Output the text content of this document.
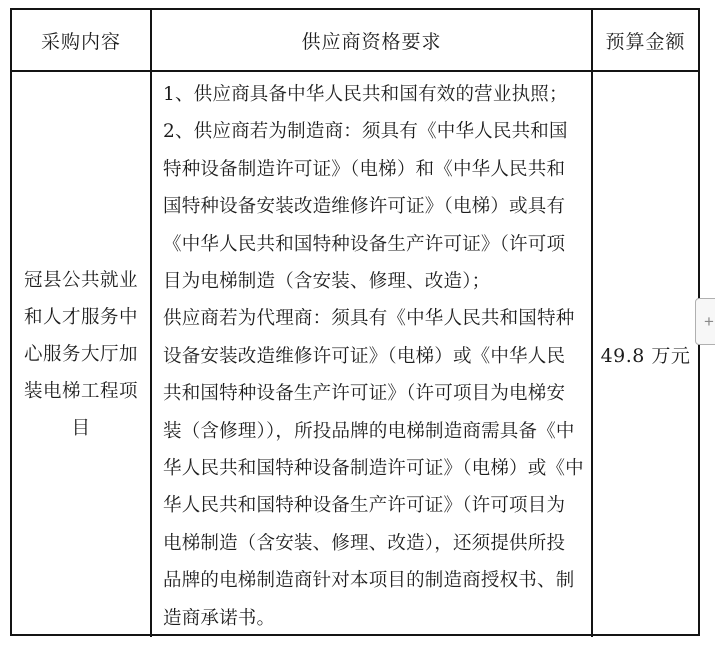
采购内容	供应商资格要求	预算金额
冠县公共就业
和人才服务中
心服务大厅加
装电梯工程项
目
1、供应商具备中华人民共和国有效的营业执照；
2、供应商若为制造商：须具有《中华人民共和国
特种设备制造许可证》（电梯）和《中华人民共和
国特种设备安装改造维修许可证》（电梯）或具有
《中华人民共和国特种设备生产许可证》（许可项
目为电梯制造（含安装、修理、改造）；
供应商若为代理商：须具有《中华人民共和国特种
设备安装改造维修许可证》（电梯）或《中华人民
共和国特种设备生产许可证》（许可项目为电梯安
装（含修理）），所投品牌的电梯制造商需具备《中
华人民共和国特种设备制造许可证》（电梯）或《中
华人民共和国特种设备生产许可证》（许可项目为
电梯制造（含安装、修理、改造），还须提供所投
品牌的电梯制造商针对本项目的制造商授权书、制
造商承诺书。
49.8 万元
+
